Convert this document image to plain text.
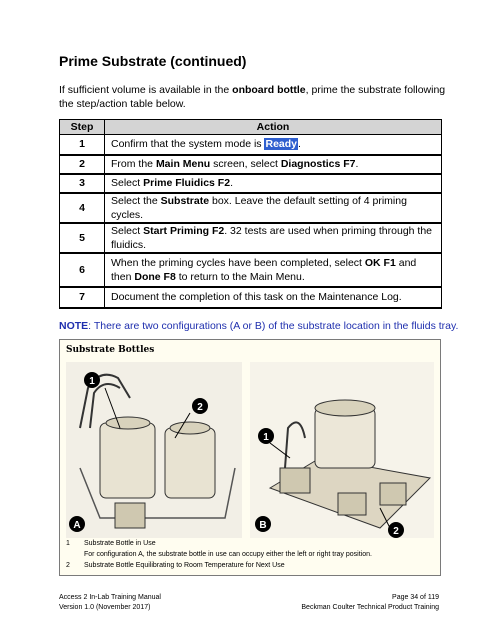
Prime Substrate (continued)
If sufficient volume is available in the onboard bottle, prime the substrate following the step/action table below.
Step	Action
1	Confirm that the system mode is Ready.
2	From the Main Menu screen, select Diagnostics F7.
3	Select Prime Fluidics F2.
4	Select the Substrate box. Leave the default setting of 4 priming cycles.
5	Select Start Priming F2. 32 tests are used when priming through the fluidics.
6	When the priming cycles have been completed, select OK F1 and then Done F8 to return to the Main Menu.
7	Document the completion of this task on the Maintenance Log.
NOTE: There are two configurations (A or B) of the substrate location in the fluids tray.
Substrate Bottles
1
2
A
1
B
2
1 Substrate Bottle in Use
For configuration A, the substrate bottle in use can occupy either the left or right tray position.
2 Substrate Bottle Equilibrating to Room Temperature for Next Use
Access 2 In-Lab Training Manual
Version 1.0 (November 2017)
Page 34 of 119
Beckman Coulter Technical Product Training
